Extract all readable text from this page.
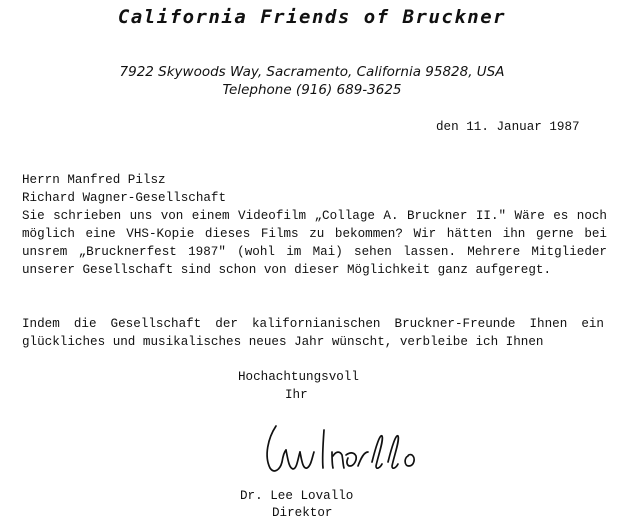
California Friends of Bruckner
7922 Skywoods Way, Sacramento, California 95828, USA
Telephone (916) 689-3625
den 11. Januar 1987
Herrn Manfred Pilsz
Richard Wagner-Gesellschaft
Sie schrieben uns von einem Videofilm „Collage A. Bruckner II." Wäre es noch möglich eine VHS-Kopie dieses Films zu bekommen? Wir hätten ihn gerne bei unsrem „Brucknerfest 1987" (wohl im Mai) sehen lassen. Mehrere Mitglieder unserer Gesellschaft sind schon von dieser Möglichkeit ganz aufgeregt.
Indem die Gesellschaft der kalifornianischen Bruckner-Freunde Ihnen ein glückliches und musikalisches neues Jahr wünscht, verbleibe ich Ihnen
Hochachtungsvoll
Ihr
Dr. Lee Lovallo
Direktor
